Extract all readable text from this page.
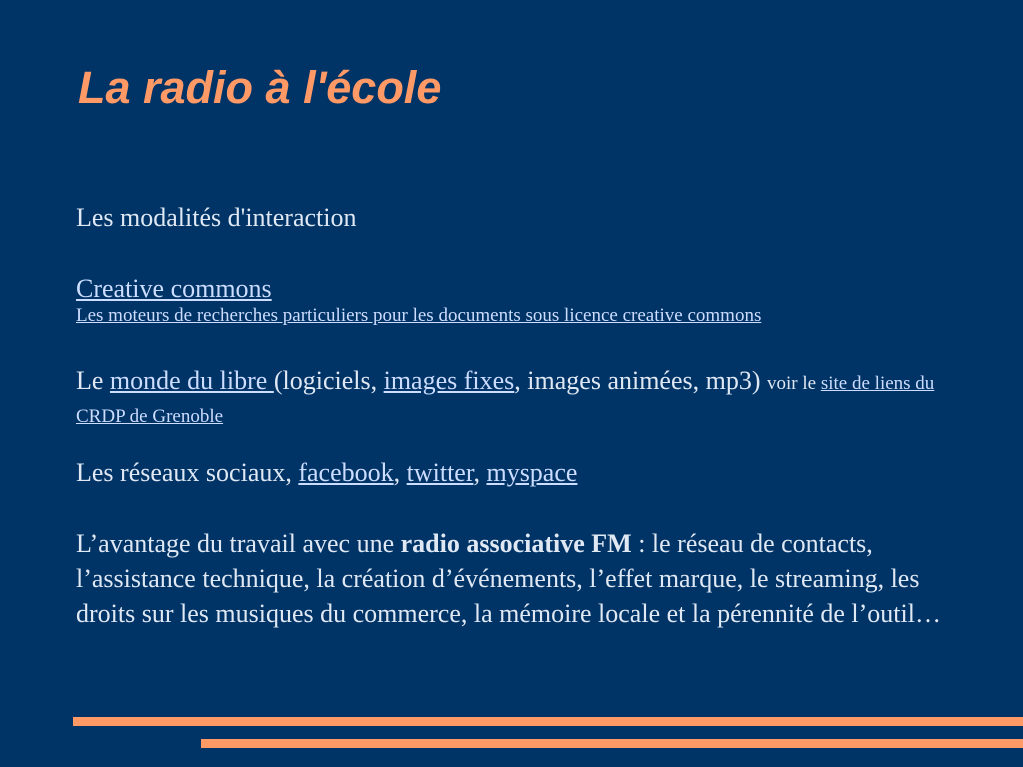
La radio à l'école

Les modalités d'interaction

Creative commons

Les moteurs de recherches particuliers pour les documents sous licence creative commons

Le monde du libre (logiciels, images fixes, images animées, mp3) voir le site de liens du CRDP de Grenoble

Les réseaux sociaux, facebook, twitter, myspace

L’avantage du travail avec une radio associative FM : le réseau de contacts, l’assistance technique, la création d’événements, l’effet marque, le streaming, les droits sur les musiques du commerce, la mémoire locale et la pérennité de l’outil…
